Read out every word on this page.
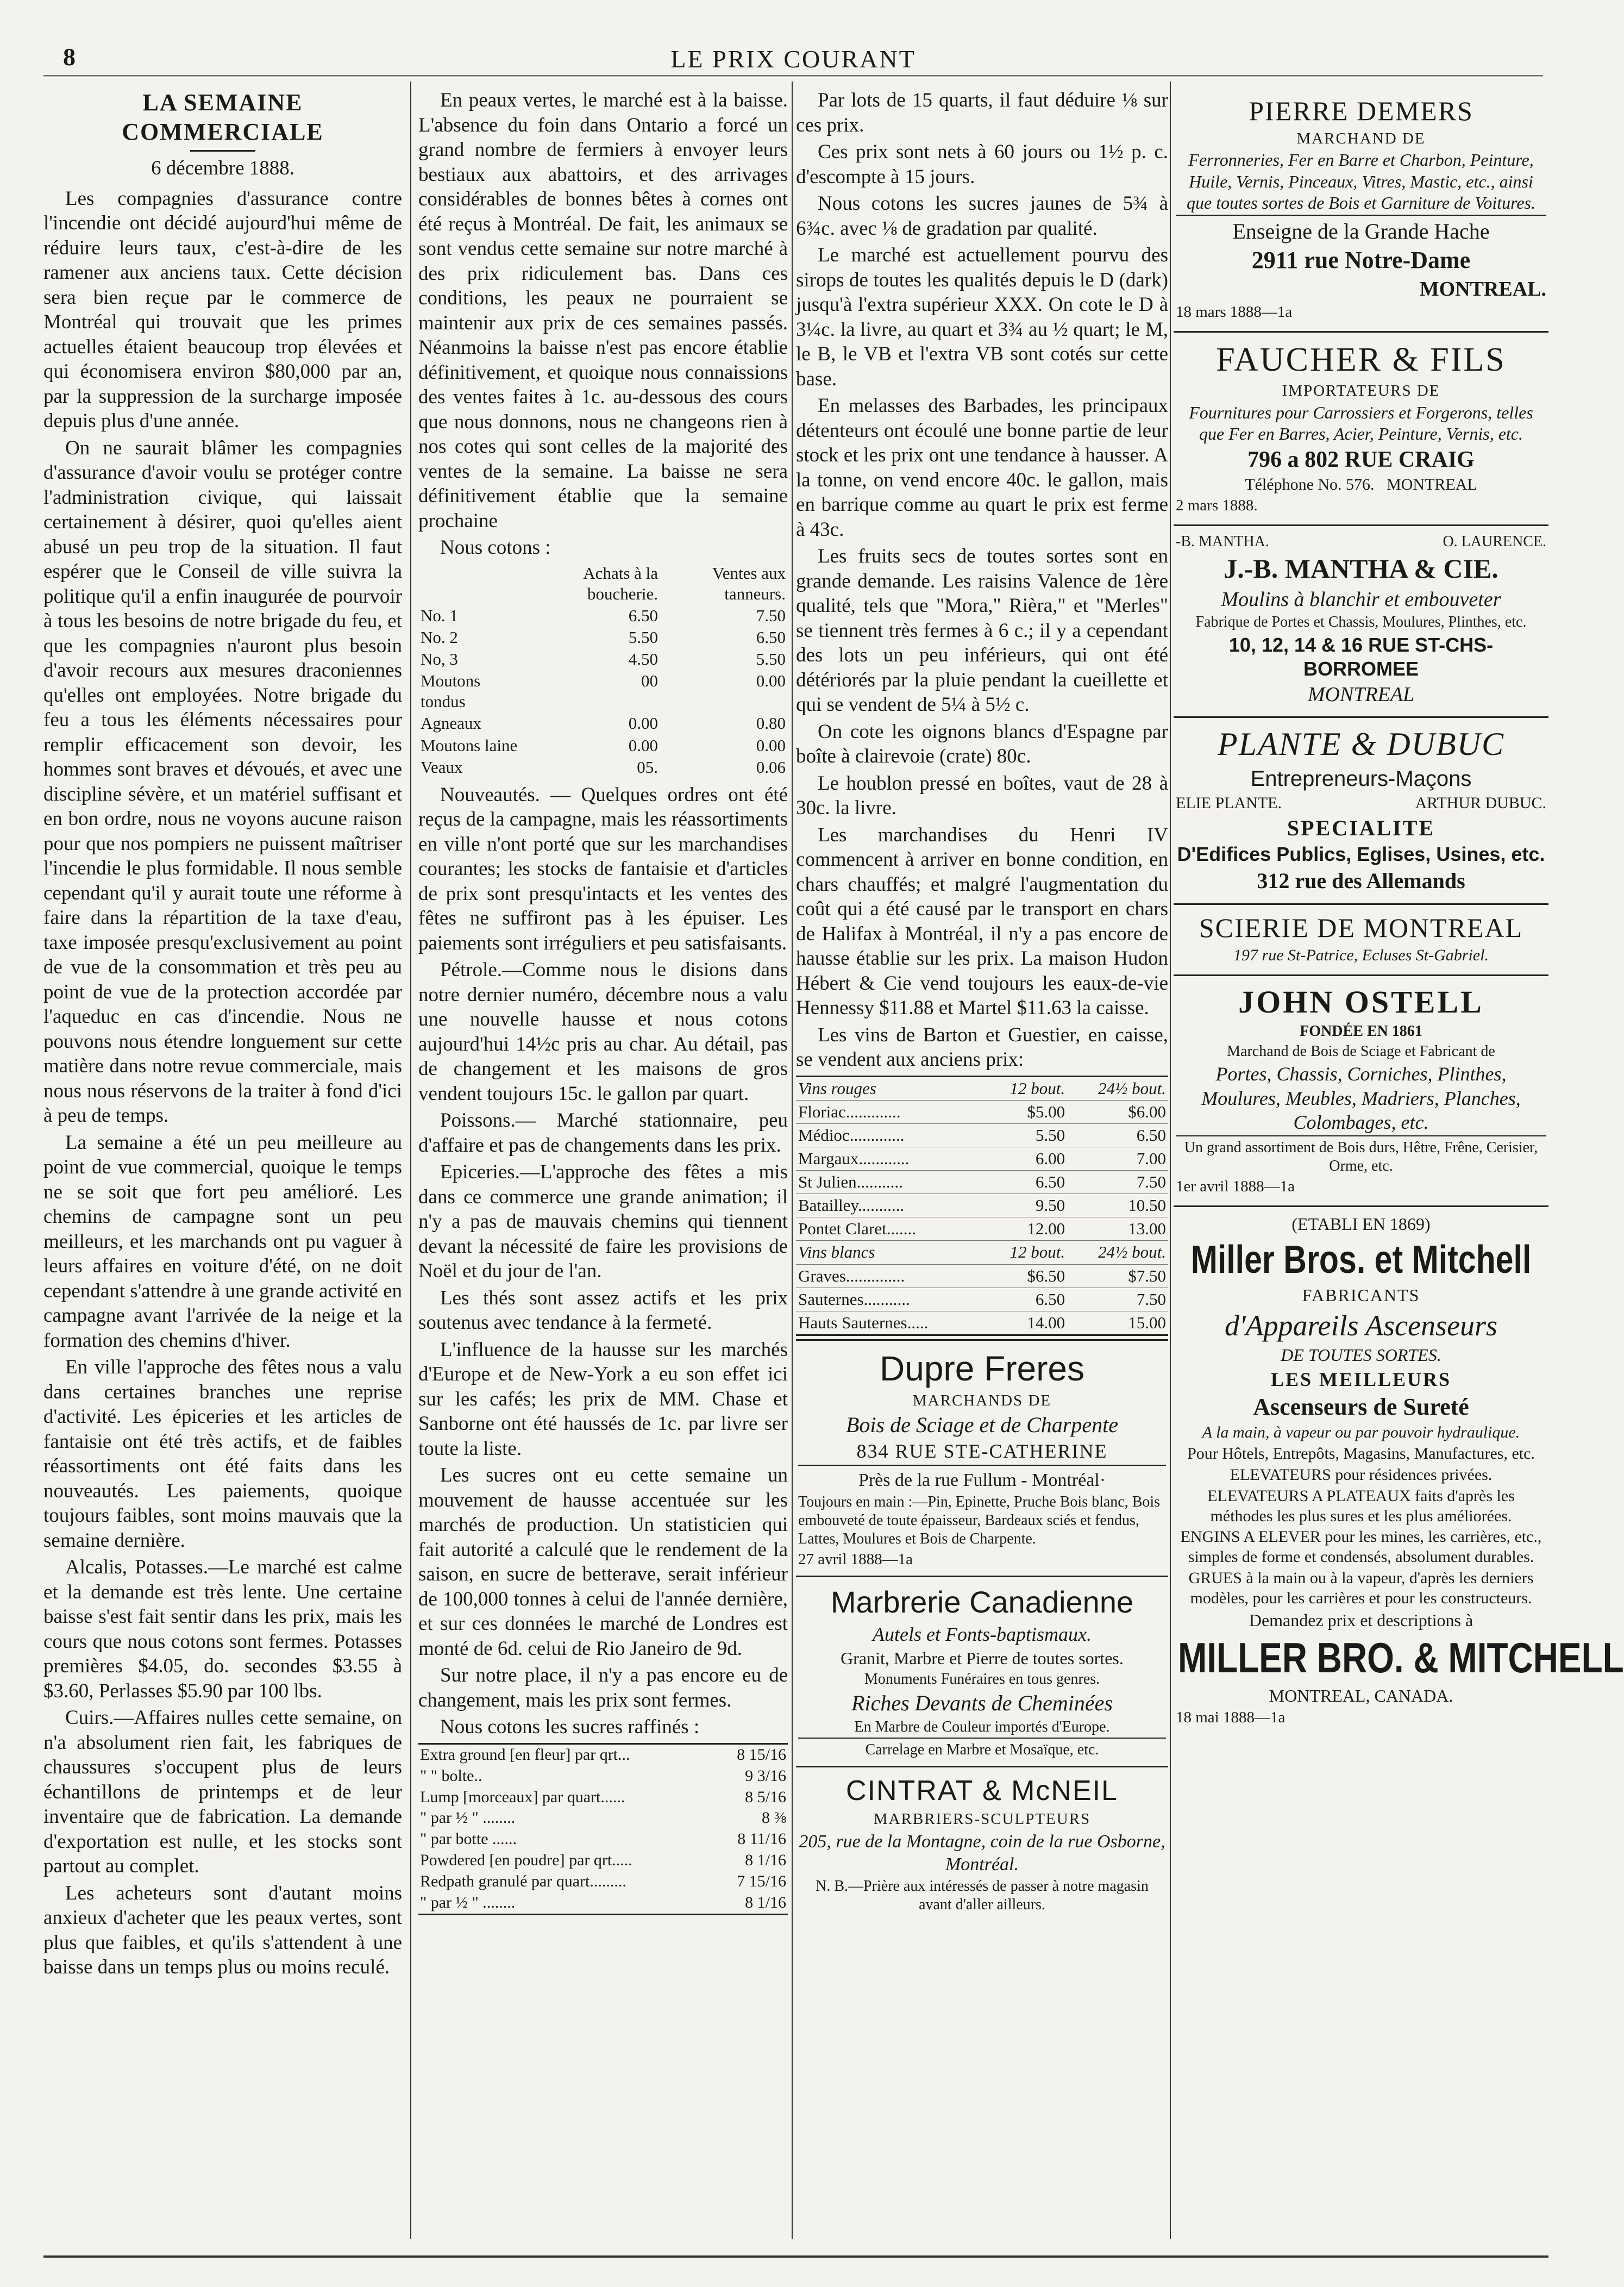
8	LE PRIX COURANT
LA SEMAINE COMMERCIALE
6 décembre 1888.

Les compagnies d'assurance contre l'incendie ont décidé aujourd'hui même de réduire leurs taux, c'est-à-dire de les ramener aux anciens taux. Cette décision sera bien reçue par le commerce de Montréal qui trouvait que les primes actuelles étaient beaucoup trop élevées et qui économisera environ $80,000 par an, par la suppression de la surcharge imposée depuis plus d'une année.

On ne saurait blâmer les compagnies d'assurance d'avoir voulu se protéger contre l'administration civique, qui laissait certainement à désirer, quoi qu'elles aient abusé un peu trop de la situation. Il faut espérer que le Conseil de ville suivra la politique qu'il a enfin inaugurée de pourvoir à tous les besoins de notre brigade du feu, et que les compagnies n'auront plus besoin d'avoir recours aux mesures draconiennes qu'elles ont employées. Notre brigade du feu a tous les éléments nécessaires pour remplir efficacement son devoir, les hommes sont braves et dévoués, et avec une discipline sévère, et un matériel suffisant et en bon ordre, nous ne voyons aucune raison pour que nos pompiers ne puissent maîtriser l'incendie le plus formidable. Il nous semble cependant qu'il y aurait toute une réforme à faire dans la répartition de la taxe d'eau, taxe imposée presqu'exclusivement au point de vue de la consommation et très peu au point de vue de la protection accordée par l'aqueduc en cas d'incendie. Nous ne pouvons nous étendre longuement sur cette matière dans notre revue commerciale, mais nous nous réservons de la traiter à fond d'ici à peu de temps.

La semaine a été un peu meilleure au point de vue commercial, quoique le temps ne se soit que fort peu amélioré. Les chemins de campagne sont un peu meilleurs, et les marchands ont pu vaguer à leurs affaires en voiture d'été, on ne doit cependant s'attendre à une grande activité en campagne avant l'arrivée de la neige et la formation des chemins d'hiver.

En ville l'approche des fêtes nous a valu dans certaines branches une reprise d'activité. Les épiceries et les articles de fantaisie ont été très actifs, et de faibles réassortiments ont été faits dans les nouveautés. Les paiements, quoique toujours faibles, sont moins mauvais que la semaine dernière.

Alcalis, Potasses.—Le marché est calme et la demande est très lente. Une certaine baisse s'est fait sentir dans les prix, mais les cours que nous cotons sont fermes. Potasses premières $4.05, do. secondes $3.55 à $3.60, Perlasses $5.90 par 100 lbs.

Cuirs.—Affaires nulles cette semaine, on n'a absolument rien fait, les fabriques de chaussures s'occupent plus de leurs échantillons de printemps et de leur inventaire que de fabrication. La demande d'exportation est nulle, et les stocks sont partout au complet.

Les acheteurs sont d'autant moins anxieux d'acheter que les peaux vertes, sont plus que faibles, et qu'ils s'attendent à une baisse dans un temps plus ou moins reculé.

En peaux vertes, le marché est à la baisse. L'absence du foin dans Ontario a forcé un grand nombre de fermiers à envoyer leurs bestiaux aux abattoirs, et des arrivages considérables de bonnes bêtes à cornes ont été reçus à Montréal. De fait, les animaux se sont vendus cette semaine sur notre marché à des prix ridiculement bas. Dans ces conditions, les peaux ne pourraient se maintenir aux prix de ces semaines passés. Néanmoins la baisse n'est pas encore établie définitivement, et quoique nous connaissions des ventes faites à 1c. au-dessous des cours que nous donnons, nous ne changeons rien à nos cotes qui sont celles de la majorité des ventes de la semaine. La baisse ne sera définitivement établie que la semaine prochaine

Nous cotons :

	Achats à la boucherie.	Ventes aux tanneurs.
No. 1	6.50	7.50
No. 2	5.50	6.50
No, 3	4.50	5.50
Moutons tondus	00	0.00
Agneaux	0.00	0.80
Moutons laine	0.00	0.00
Veaux	05.	0.06

Nouveautés. — Quelques ordres ont été reçus de la campagne, mais les réassortiments en ville n'ont porté que sur les marchandises courantes; les stocks de fantaisie et d'articles de prix sont presqu'intacts et les ventes des fêtes ne suffiront pas à les épuiser. Les paiements sont irréguliers et peu satisfaisants.

Pétrole.—Comme nous le disions dans notre dernier numéro, décembre nous a valu une nouvelle hausse et nous cotons aujourd'hui 14½c pris au char. Au détail, pas de changement et les maisons de gros vendent toujours 15c. le gallon par quart.

Poissons.— Marché stationnaire, peu d'affaire et pas de changements dans les prix.

Epiceries.—L'approche des fêtes a mis dans ce commerce une grande animation; il n'y a pas de mauvais chemins qui tiennent devant la nécessité de faire les provisions de Noël et du jour de l'an.

Les thés sont assez actifs et les prix soutenus avec tendance à la fermeté.

L'influence de la hausse sur les marchés d'Europe et de New-York a eu son effet ici sur les cafés; les prix de MM. Chase et Sanborne ont été haussés de 1c. par livre ser toute la liste.

Les sucres ont eu cette semaine un mouvement de hausse accentuée sur les marchés de production. Un statisticien qui fait autorité a calculé que le rendement de la saison, en sucre de betterave, serait inférieur de 100,000 tonnes à celui de l'année dernière, et sur ces données le marché de Londres est monté de 6d. celui de Rio Janeiro de 9d.

Sur notre place, il n'y a pas encore eu de changement, mais les prix sont fermes.

Nous cotons les sucres raffinés :

Extra ground [en fleur] par qrt...	8 15/16
" " bolte..	9 3/16
Lump [morceaux] par quart......	8 5/16
" par ½ " ........	8 ⅜
" par botte ......	8 11/16
Powdered [en poudre] par qrt.....	8 1/16
Redpath granulé par quart.........	7 15/16
" par ½ " ........	8 1/16

Par lots de 15 quarts, il faut déduire ⅛ sur ces prix.

Ces prix sont nets à 60 jours ou 1½ p. c. d'escompte à 15 jours.

Nous cotons les sucres jaunes de 5¾ à 6¾c. avec ⅛ de gradation par qualité.

Le marché est actuellement pourvu des sirops de toutes les qualités depuis le D (dark) jusqu'à l'extra supérieur XXX. On cote le D à 3¼c. la livre, au quart et 3¾ au ½ quart; le M, le B, le VB et l'extra VB sont cotés sur cette base.

En melasses des Barbades, les principaux détenteurs ont écoulé une bonne partie de leur stock et les prix ont une tendance à hausser. A la tonne, on vend encore 40c. le gallon, mais en barrique comme au quart le prix est ferme à 43c.

Les fruits secs de toutes sortes sont en grande demande. Les raisins Valence de 1ère qualité, tels que "Mora," Rièra," et "Merles" se tiennent très fermes à 6 c.; il y a cependant des lots un peu inférieurs, qui ont été détériorés par la pluie pendant la cueillette et qui se vendent de 5¼ à 5½ c.

On cote les oignons blancs d'Espagne par boîte à clairevoie (crate) 80c.

Le houblon pressé en boîtes, vaut de 28 à 30c. la livre.

Les marchandises du Henri IV commencent à arriver en bonne condition, en chars chauffés; et malgré l'augmentation du coût qui a été causé par le transport en chars de Halifax à Montréal, il n'y a pas encore de hausse établie sur les prix. La maison Hudon Hébert & Cie vend toujours les eaux-de-vie Hennessy $11.88 et Martel $11.63 la caisse.

Les vins de Barton et Guestier, en caisse, se vendent aux anciens prix:

Vins rouges	12 bout.	24½ bout.
Floriac.............	$5.00	$6.00
Médioc.............	5.50	6.50
Margaux............	6.00	7.00
St Julien...........	6.50	7.50
Batailley...........	9.50	10.50
Pontet Claret.......	12.00	13.00
Vins blancs	12 bout.	24½ bout.
Graves..............	$6.50	$7.50
Sauternes...........	6.50	7.50
Hauts Sauternes.....	14.00	15.00
Dupre Freres
MARCHANDS DE
Bois de Sciage et de Charpente
834 RUE STE-CATHERINE
Près de la rue Fullum - Montréal·
Toujours en main :—Pin, Epinette, Pruche Bois blanc, Bois embouveté de toute épaisseur, Bardeaux sciés et fendus, Lattes, Moulures et Bois de Charpente.
27 avril 1888—1a
Marbrerie Canadienne
Autels et Fonts-baptismaux.
Granit, Marbre et Pierre de toutes sortes.
Monuments Funéraires en tous genres.
Riches Devants de Cheminées
En Marbre de Couleur importés d'Europe.
Carrelage en Marbre et Mosaïque, etc.
CINTRAT & McNEIL
MARBRIERS-SCULPTEURS
205, rue de la Montagne, coin de la rue Osborne, Montréal.
N. B.—Prière aux intéressés de passer à notre magasin avant d'aller ailleurs.
PIERRE DEMERS
MARCHAND DE
Ferronneries, Fer en Barre et Charbon, Peinture, Huile, Vernis, Pinceaux, Vitres, Mastic, etc., ainsi que toutes sortes de Bois et Garniture de Voitures.
Enseigne de la Grande Hache
2911 rue Notre-Dame
MONTREAL.
18 mars 1888—1a
FAUCHER & FILS
IMPORTATEURS DE
Fournitures pour Carrossiers et Forgerons, telles que Fer en Barres, Acier, Peinture, Vernis, etc.
796 a 802 RUE CRAIG
Téléphone No. 576. MONTREAL
2 mars 1888.
-B. MANTHA.	O. LAURENCE.
J.-B. MANTHA & CIE.
Moulins à blanchir et embouveter
Fabrique de Portes et Chassis, Moulures, Plinthes, etc.
10, 12, 14 & 16 RUE ST-CHS-BORROMEE
MONTREAL
PLANTE & DUBUC
Entrepreneurs-Maçons
ELIE PLANTE.	ARTHUR DUBUC.
SPECIALITE
D'Edifices Publics, Eglises, Usines, etc.
312 rue des Allemands
SCIERIE DE MONTREAL
197 rue St-Patrice, Ecluses St-Gabriel.
JOHN OSTELL
FONDÉE EN 1861
Marchand de Bois de Sciage et Fabricant de
Portes, Chassis, Corniches, Plinthes, Moulures, Meubles, Madriers, Planches, Colombages, etc.
Un grand assortiment de Bois durs, Hêtre, Frêne, Cerisier, Orme, etc.
1er avril 1888—1a
(ETABLI EN 1869)
Miller Bros. et Mitchell
FABRICANTS
d'Appareils Ascenseurs
DE TOUTES SORTES.
LES MEILLEURS
Ascenseurs de Sureté
A la main, à vapeur ou par pouvoir hydraulique.
Pour Hôtels, Entrepôts, Magasins, Manufactures, etc.
ELEVATEURS pour résidences privées.
ELEVATEURS A PLATEAUX faits d'après les méthodes les plus sures et les plus améliorées.
ENGINS A ELEVER pour les mines, les carrières, etc., simples de forme et condensés, absolument durables.
GRUES à la main ou à la vapeur, d'après les derniers modèles, pour les carrières et pour les constructeurs.
Demandez prix et descriptions à
MILLER BRO. & MITCHELL
MONTREAL, CANADA.
18 mai 1888—1a
